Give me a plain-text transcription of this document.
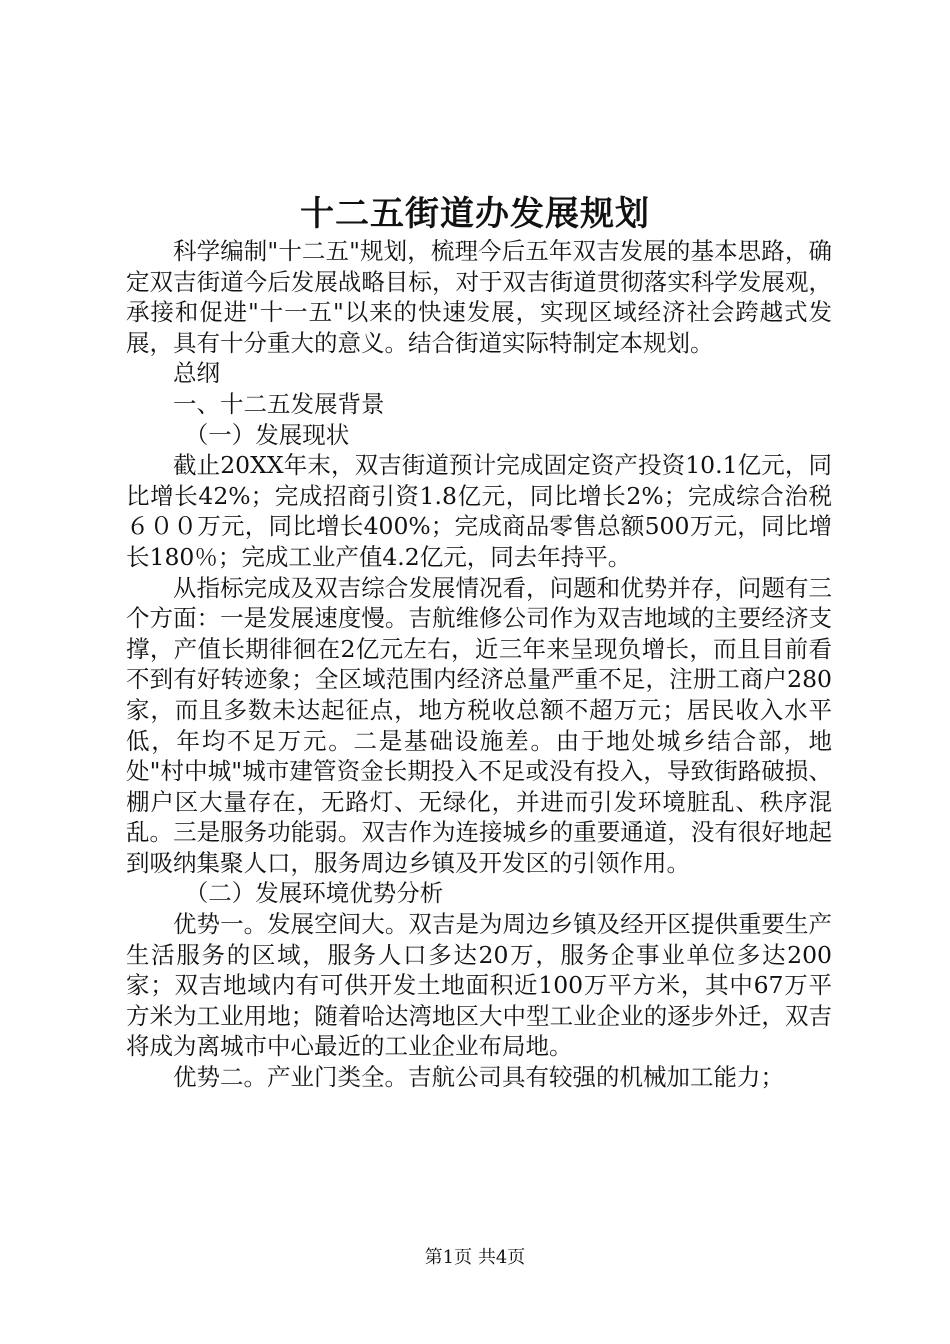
十二五街道办发展规划

科学编制"十二五"规划，梳理今后五年双吉发展的基本思路，确定双吉街道今后发展战略目标，对于双吉街道贯彻落实科学发展观，承接和促进"十一五"以来的快速发展，实现区域经济社会跨越式发展，具有十分重大的意义。结合街道实际特制定本规划。

总纲

一、十二五发展背景

（一）发展现状

截止20XX年末，双吉街道预计完成固定资产投资10.1亿元，同比增长42%；完成招商引资1.8亿元，同比增长2%；完成综合治税６００万元，同比增长400%；完成商品零售总额500万元，同比增长180％；完成工业产值4.2亿元，同去年持平。

从指标完成及双吉综合发展情况看，问题和优势并存，问题有三个方面：一是发展速度慢。吉航维修公司作为双吉地域的主要经济支撑，产值长期徘徊在2亿元左右，近三年来呈现负增长，而且目前看不到有好转迹象；全区域范围内经济总量严重不足，注册工商户280家，而且多数未达起征点，地方税收总额不超万元；居民收入水平低，年均不足万元。二是基础设施差。由于地处城乡结合部，地处"村中城"城市建管资金长期投入不足或没有投入，导致街路破损、棚户区大量存在，无路灯、无绿化，并进而引发环境脏乱、秩序混乱。三是服务功能弱。双吉作为连接城乡的重要通道，没有很好地起到吸纳集聚人口，服务周边乡镇及开发区的引领作用。

（二）发展环境优势分析

优势一。发展空间大。双吉是为周边乡镇及经开区提供重要生产生活服务的区域，服务人口多达20万，服务企事业单位多达200家；双吉地域内有可供开发土地面积近100万平方米，其中67万平方米为工业用地；随着哈达湾地区大中型工业企业的逐步外迁，双吉将成为离城市中心最近的工业企业布局地。

优势二。产业门类全。吉航公司具有较强的机械加工能力；

第1页 共4页
